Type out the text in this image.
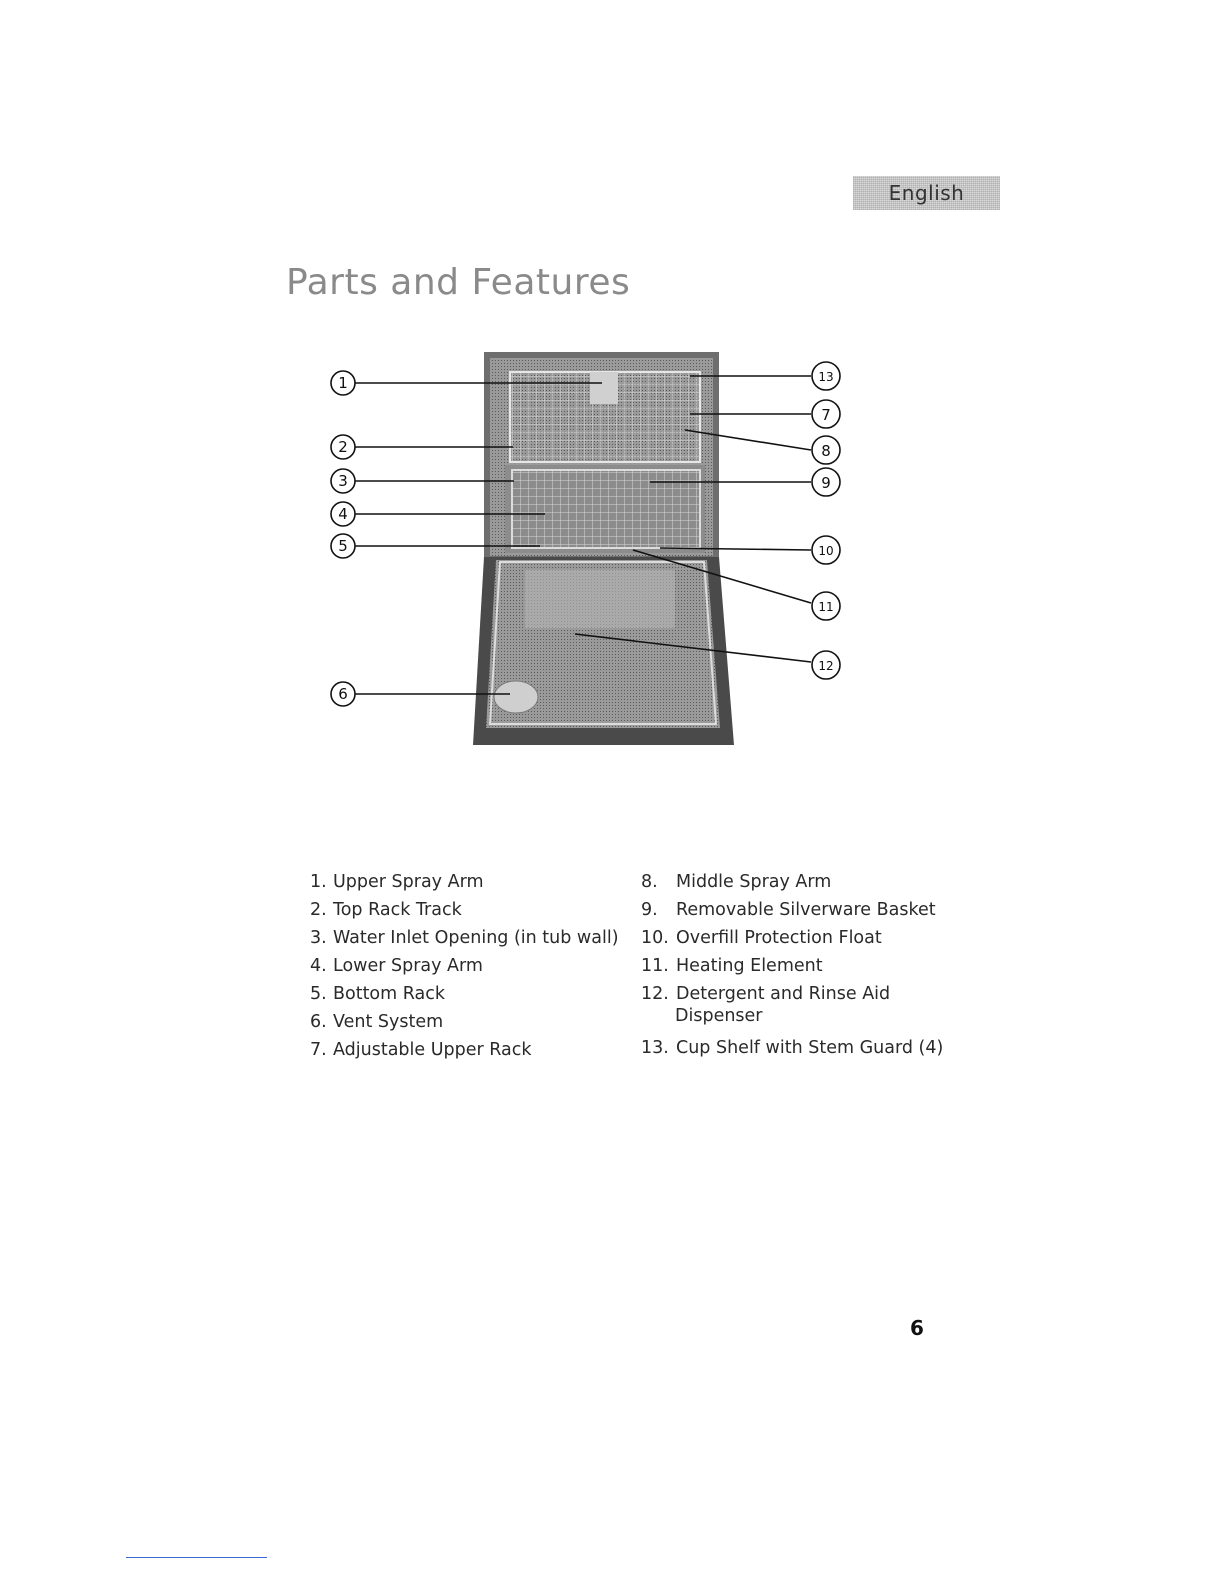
English
Parts and Features
1
2
3
4
5
6
13
7
8
9
10
11
12
1. Upper Spray Arm
2. Top Rack Track
3. Water Inlet Opening (in tub wall)
4. Lower Spray Arm
5. Bottom Rack
6. Vent System
7. Adjustable Upper Rack
8. Middle Spray Arm
9. Removable Silverware Basket
10. Overfill Protection Float
11. Heating Element
12. Detergent and Rinse Aid
Dispenser
13. Cup Shelf with Stem Guard (4)
6
